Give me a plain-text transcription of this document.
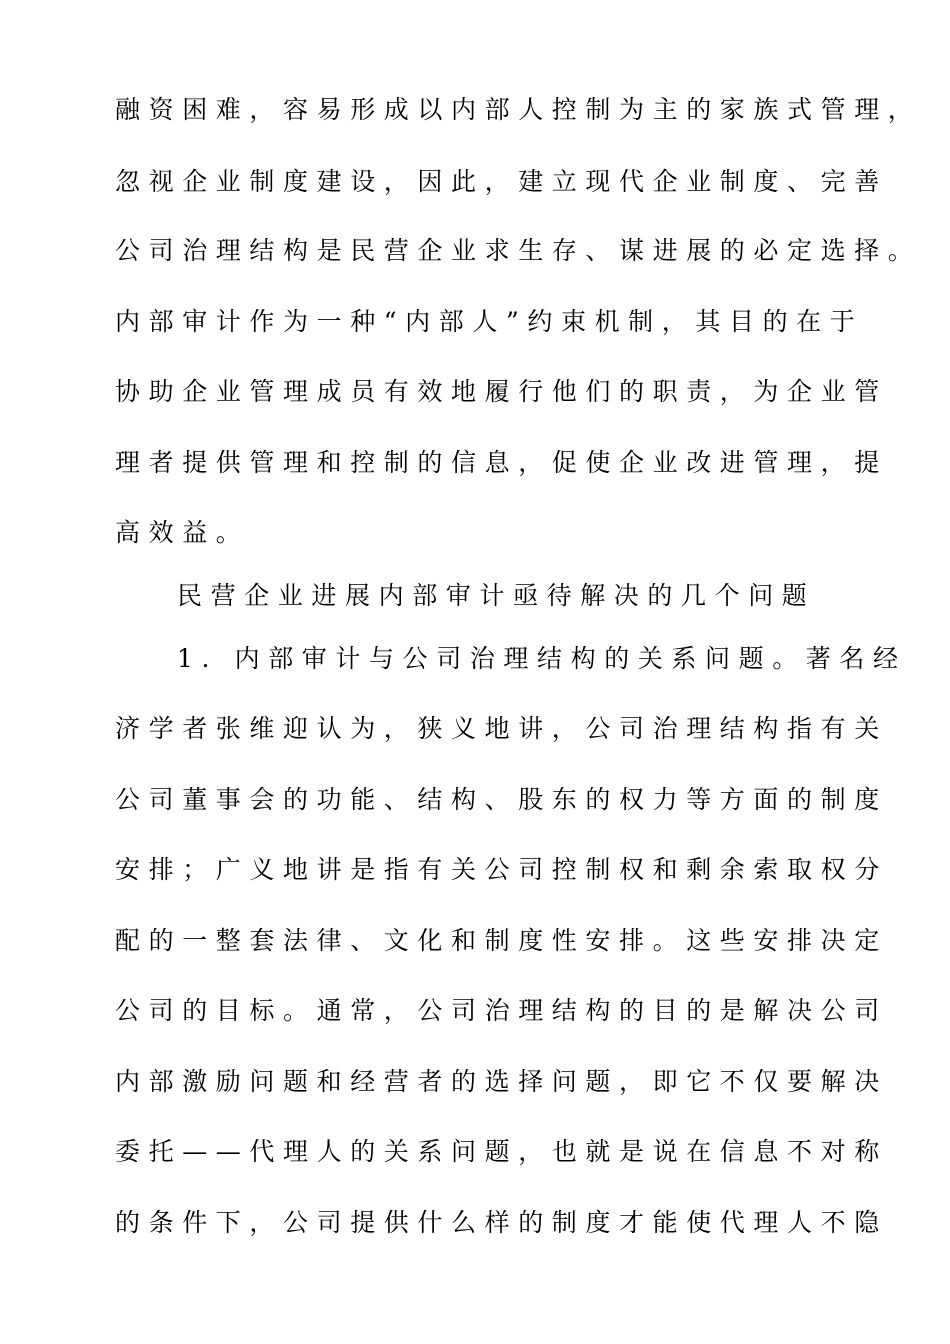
融资困难，容易形成以内部人控制为主的家族式管理，
忽视企业制度建设，因此，建立现代企业制度、完善
公司治理结构是民营企业求生存、谋进展的必定选择。
内部审计作为一种“内部人”约束机制，其目的在于
协助企业管理成员有效地履行他们的职责，为企业管
理者提供管理和控制的信息，促使企业改进管理，提
高效益。
民营企业进展内部审计亟待解决的几个问题
1. 内部审计与公司治理结构的关系问题。著名经
济学者张维迎认为，狭义地讲，公司治理结构指有关
公司董事会的功能、结构、股东的权力等方面的制度
安排；广义地讲是指有关公司控制权和剩余索取权分
配的一整套法律、文化和制度性安排。这些安排决定
公司的目标。通常，公司治理结构的目的是解决公司
内部激励问题和经营者的选择问题，即它不仅要解决
委托——代理人的关系问题，也就是说在信息不对称
的条件下，公司提供什么样的制度才能使代理人不隐
